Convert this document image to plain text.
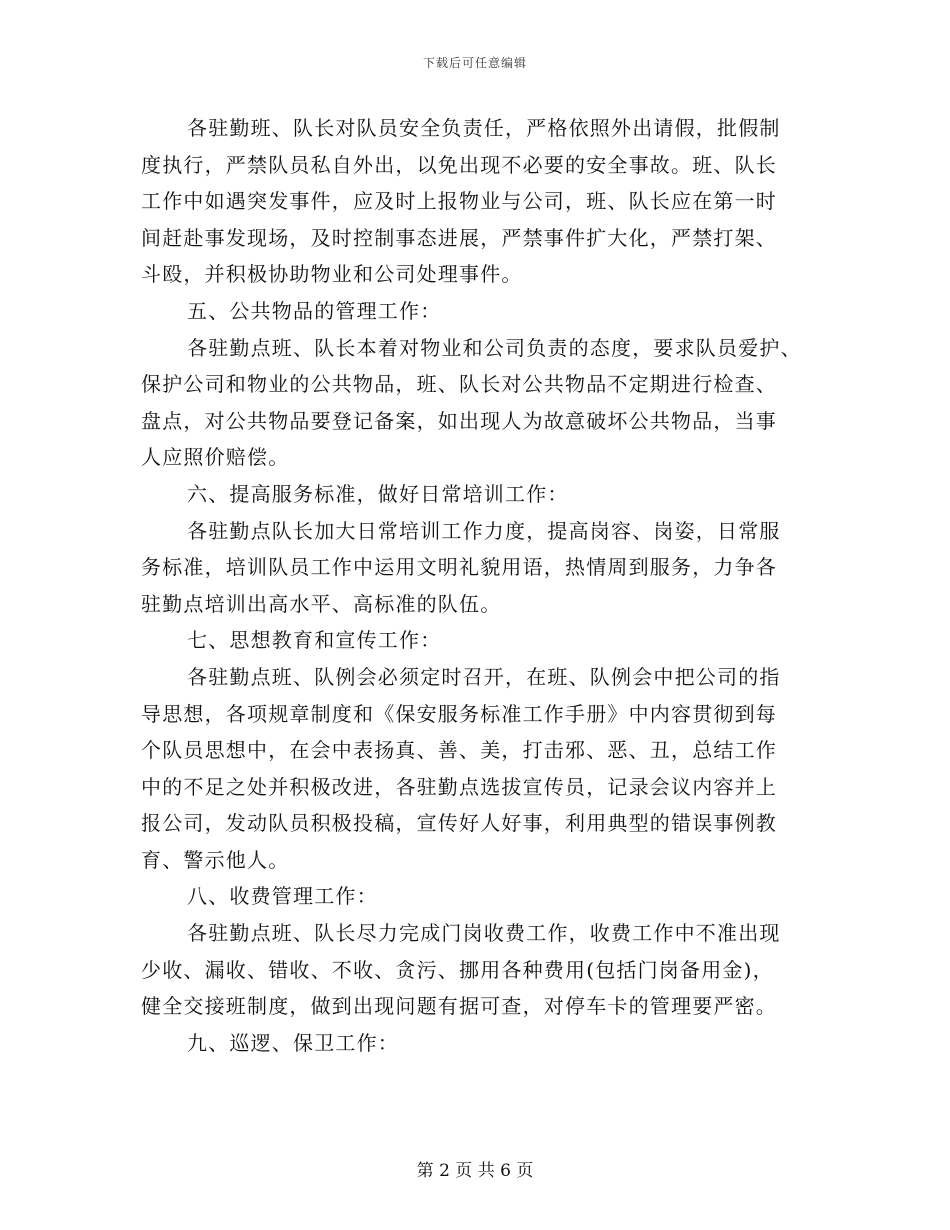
下载后可任意编辑
各驻勤班、队长对队员安全负责任，严格依照外出请假，批假制
度执行，严禁队员私自外出，以免出现不必要的安全事故。班、队长
工作中如遇突发事件，应及时上报物业与公司，班、队长应在第一时
间赶赴事发现场，及时控制事态进展，严禁事件扩大化，严禁打架、
斗殴，并积极协助物业和公司处理事件。
五、公共物品的管理工作：
各驻勤点班、队长本着对物业和公司负责的态度，要求队员爱护、
保护公司和物业的公共物品，班、队长对公共物品不定期进行检查、
盘点，对公共物品要登记备案，如出现人为故意破坏公共物品，当事
人应照价赔偿。
六、提高服务标准，做好日常培训工作：
各驻勤点队长加大日常培训工作力度，提高岗容、岗姿，日常服
务标准，培训队员工作中运用文明礼貌用语，热情周到服务，力争各
驻勤点培训出高水平、高标准的队伍。
七、思想教育和宣传工作：
各驻勤点班、队例会必须定时召开，在班、队例会中把公司的指
导思想，各项规章制度和《保安服务标准工作手册》中内容贯彻到每
个队员思想中，在会中表扬真、善、美，打击邪、恶、丑，总结工作
中的不足之处并积极改进，各驻勤点选拔宣传员，记录会议内容并上
报公司，发动队员积极投稿，宣传好人好事，利用典型的错误事例教
育、警示他人。
八、收费管理工作：
各驻勤点班、队长尽力完成门岗收费工作，收费工作中不准出现
少收、漏收、错收、不收、贪污、挪用各种费用(包括门岗备用金)，
健全交接班制度，做到出现问题有据可查，对停车卡的管理要严密。
九、巡逻、保卫工作：
第 2 页 共 6 页
